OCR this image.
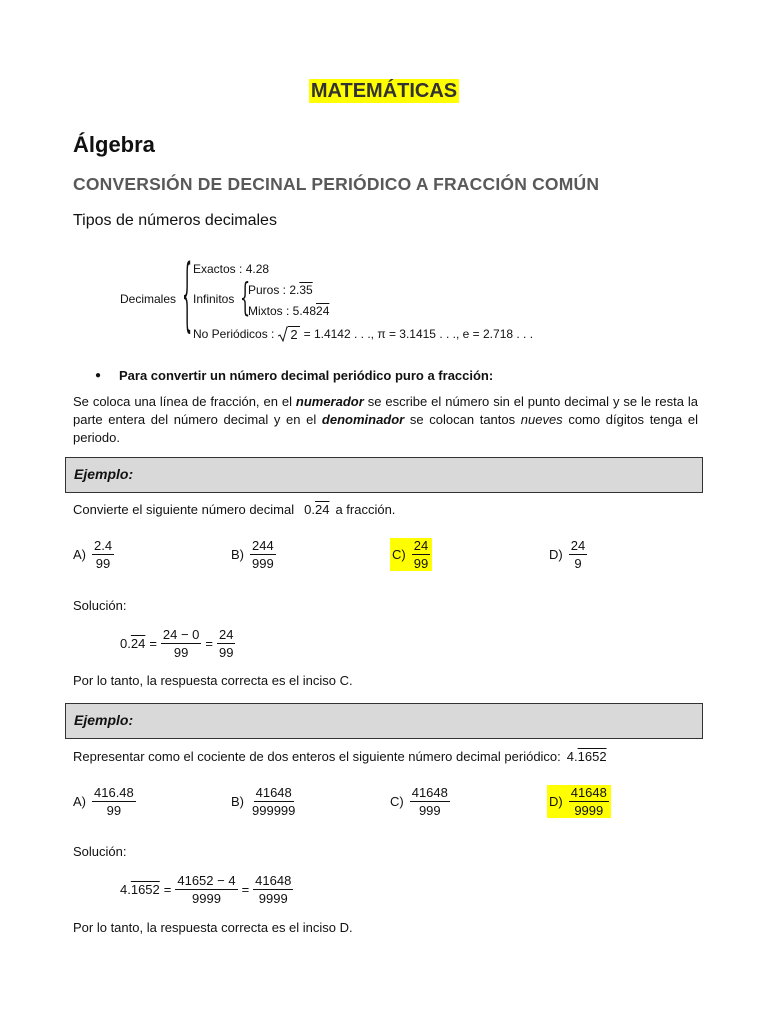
MATEMÁTICAS
Álgebra
CONVERSIÓN DE DECINAL PERIÓDICO A FRACCIÓN COMÚN
Tipos de números decimales
Decimales { Exactos : 4.28
Infinitos {
Puros : 2.35
Mixtos : 5.4824
No Periódicos : 2 = 1.4142 . . ., π = 3.1415 . . ., e = 2.718 . . .
● Para convertir un número decimal periódico puro a fracción:
Se coloca una línea de fracción, en el numerador se escribe el número sin el punto decimal y se le resta la parte entera del número decimal y en el denominador se colocan tantos nueves como dígitos tenga el periodo.
Ejemplo:
Convierte el siguiente número decimal 0.24 a fracción.
$A) \frac{2.4}{99}$	$B) \frac{244}{999}$	$C) \frac{24}{99}$	$D) \frac{24}{9}$
Solución:
$0.24 = \frac{24 - 0}{99} = \frac{24}{99}$
Por lo tanto, la respuesta correcta es el inciso C.
Ejemplo:
Representar como el cociente de dos enteros el siguiente número decimal periódico: 4.1652
$A) \frac{416.48}{99}$	$B) \frac{41648}{999999}$	$C) \frac{41648}{999}$	$D) \frac{41648}{9999}$
Solución:
$4.1652 = \frac{41652 - 4}{9999} = \frac{41648}{9999}$
Por lo tanto, la respuesta correcta es el inciso D.
